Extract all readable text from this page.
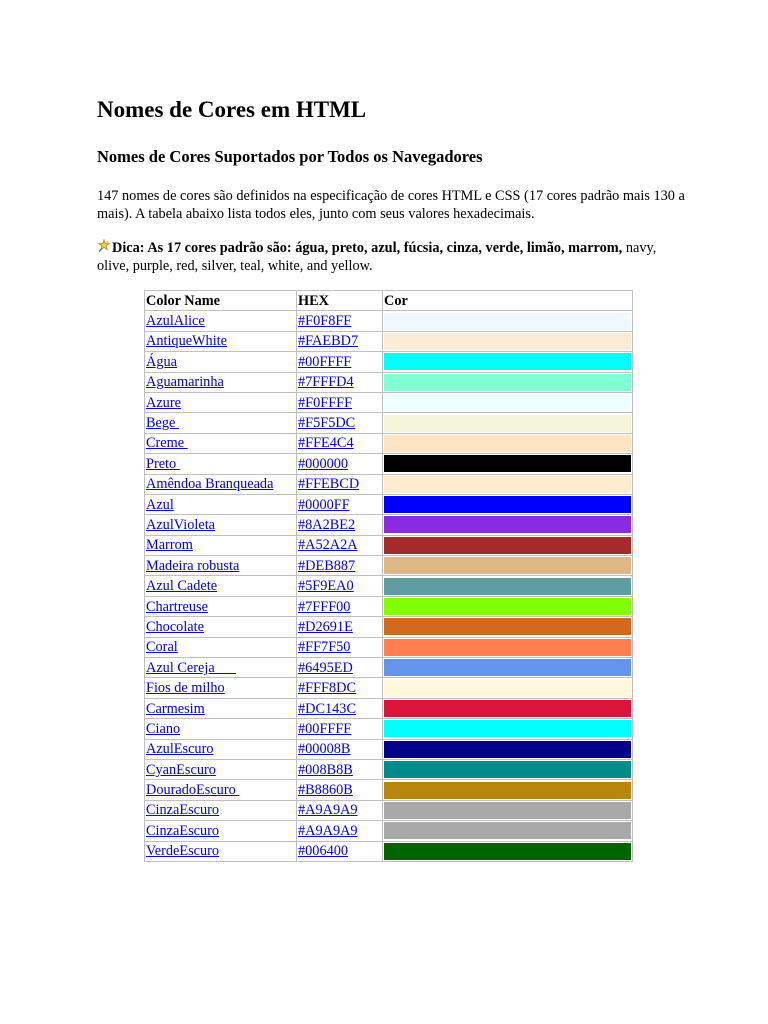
Nomes de Cores em HTML
Nomes de Cores Suportados por Todos os Navegadores

147 nomes de cores são definidos na especificação de cores HTML e CSS (17 cores padrão mais 130 a mais). A tabela abaixo lista todos eles, junto com seus valores hexadecimais.

Dica: As 17 cores padrão são: água, preto, azul, fúcsia, cinza, verde, limão, marrom, navy, olive, purple, red, silver, teal, white, and yellow.

Color Name	HEX	Cor
AzulAlice	#F0F8FF	

AntiqueWhite	#FAEBD7	

Água	#00FFFF	

Aguamarinha	#7FFFD4	

Azure	#F0FFFF	

Bege	#F5F5DC	

Creme	#FFE4C4	

Preto	#000000	

Amêndoa Branqueada	#FFEBCD	

Azul	#0000FF	

AzulVioleta	#8A2BE2	

Marrom	#A52A2A	

Madeira robusta	#DEB887	

Azul Cadete	#5F9EA0	

Chartreuse	#7FFF00	

Chocolate	#D2691E	

Coral	#FF7F50	

Azul Cereja	#6495ED	

Fios de milho	#FFF8DC	

Carmesim	#DC143C	

Ciano	#00FFFF	

AzulEscuro	#00008B	

CyanEscuro	#008B8B	

DouradoEscuro	#B8860B	

CinzaEscuro	#A9A9A9	

CinzaEscuro	#A9A9A9	

VerdeEscuro	#006400	
